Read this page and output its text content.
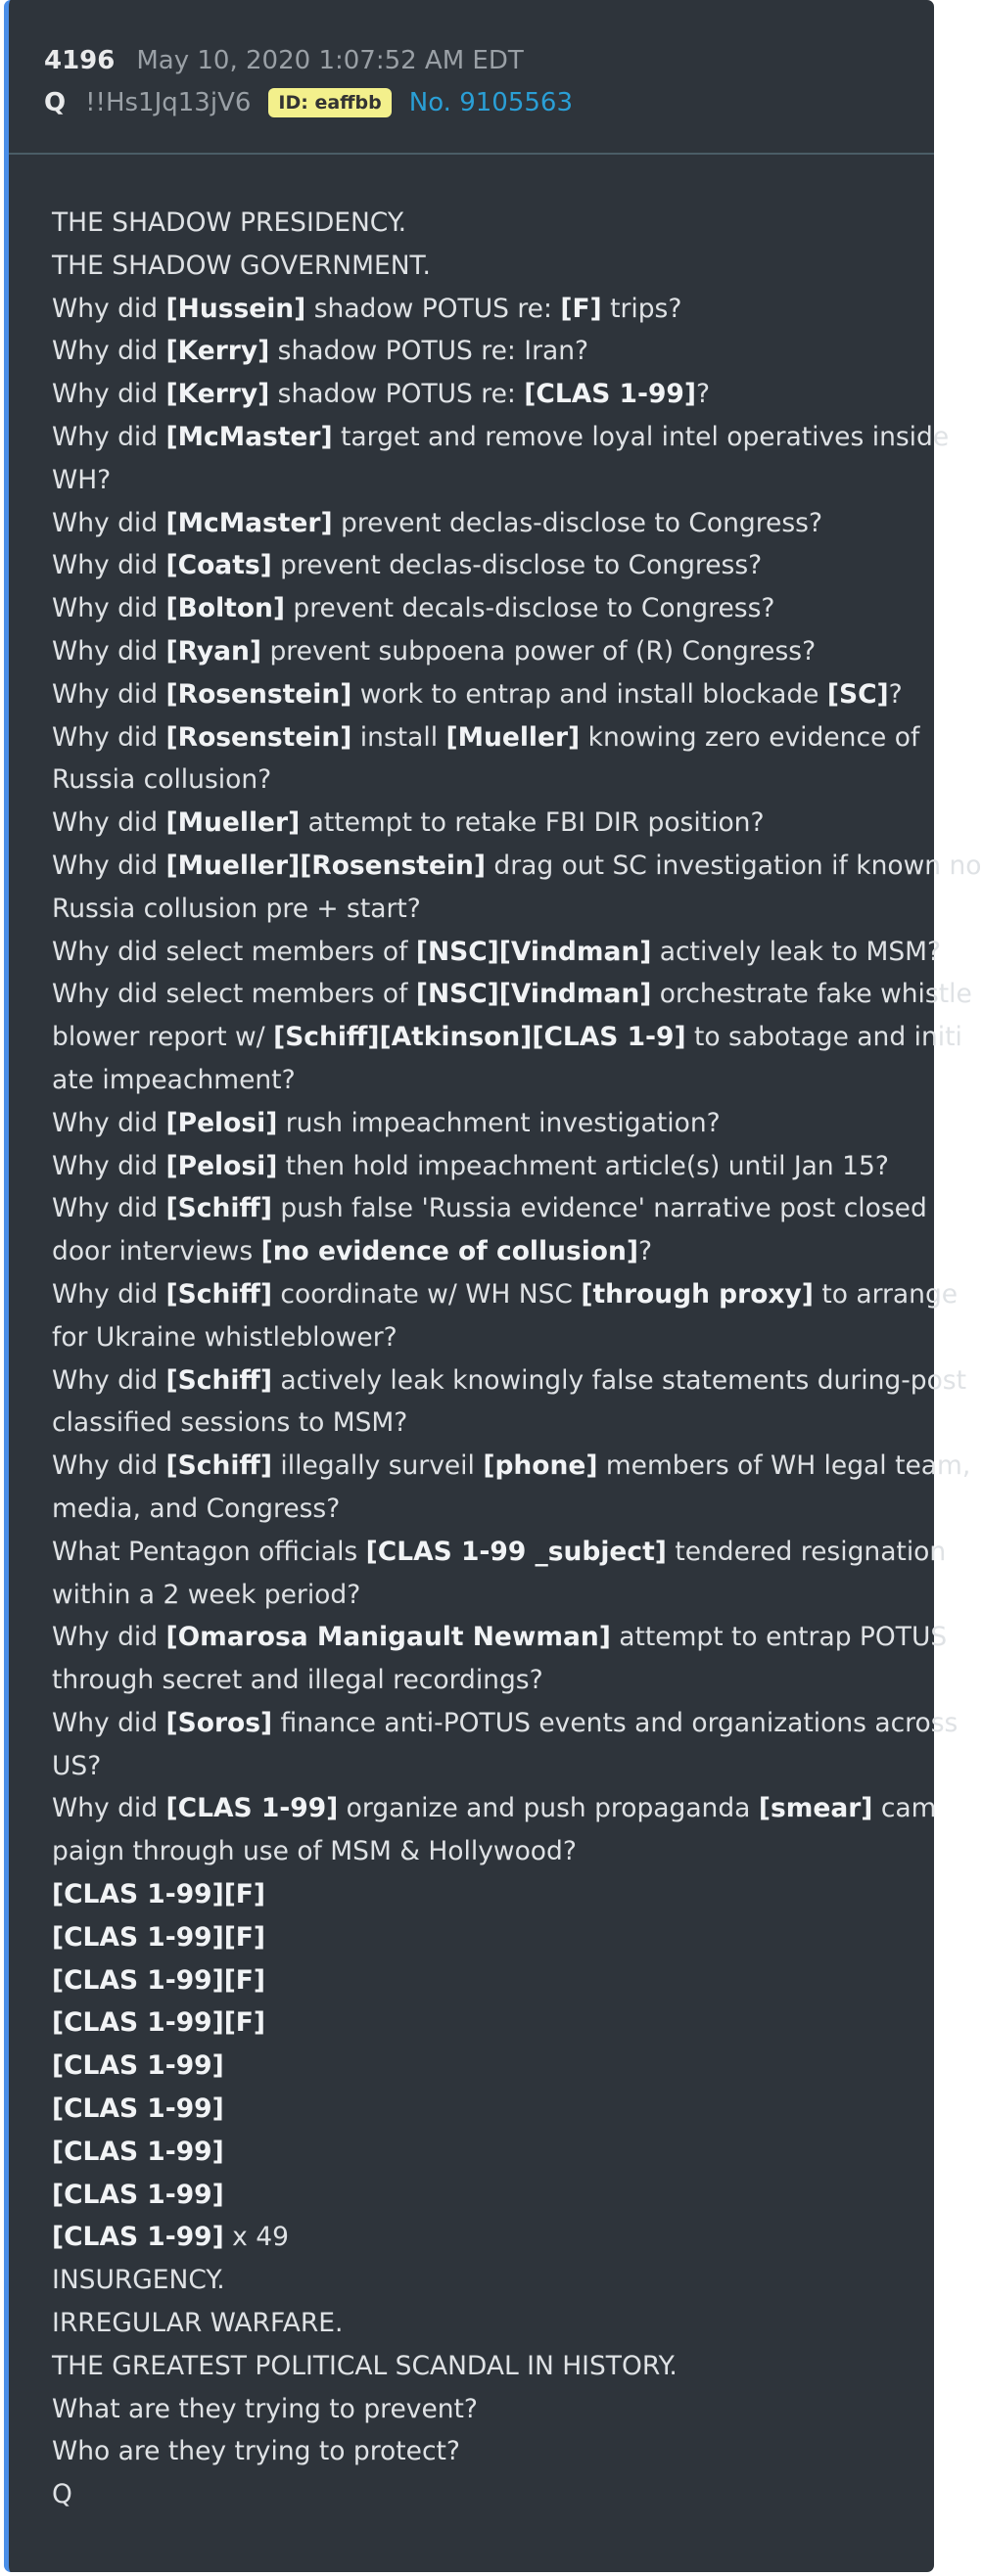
4196 May 10, 2020 1:07:52 AM EDT
Q !!Hs1Jq13jV6	ID: eaffbb	No. 9105563
THE SHADOW PRESIDENCY.
THE SHADOW GOVERNMENT.
Why did [Hussein] shadow POTUS re: [F] trips?
Why did [Kerry] shadow POTUS re: Iran?
Why did [Kerry] shadow POTUS re: [CLAS 1-99]?
Why did [McMaster] target and remove loyal intel operatives inside
WH?
Why did [McMaster] prevent declas-disclose to Congress?
Why did [Coats] prevent declas-disclose to Congress?
Why did [Bolton] prevent decals-disclose to Congress?
Why did [Ryan] prevent subpoena power of (R) Congress?
Why did [Rosenstein] work to entrap and install blockade [SC]?
Why did [Rosenstein] install [Mueller] knowing zero evidence of
Russia collusion?
Why did [Mueller] attempt to retake FBI DIR position?
Why did [Mueller][Rosenstein] drag out SC investigation if known no
Russia collusion pre + start?
Why did select members of [NSC][Vindman] actively leak to MSM?
Why did select members of [NSC][Vindman] orchestrate fake whistle
blower report w/ [Schiff][Atkinson][CLAS 1-9] to sabotage and initi
ate impeachment?
Why did [Pelosi] rush impeachment investigation?
Why did [Pelosi] then hold impeachment article(s) until Jan 15?
Why did [Schiff] push false 'Russia evidence' narrative post closed
door interviews [no evidence of collusion]?
Why did [Schiff] coordinate w/ WH NSC [through proxy] to arrange
for Ukraine whistleblower?
Why did [Schiff] actively leak knowingly false statements during-post
classified sessions to MSM?
Why did [Schiff] illegally surveil [phone] members of WH legal team,
media, and Congress?
What Pentagon officials [CLAS 1-99 _subject] tendered resignation
within a 2 week period?
Why did [Omarosa Manigault Newman] attempt to entrap POTUS
through secret and illegal recordings?
Why did [Soros] finance anti-POTUS events and organizations across
US?
Why did [CLAS 1-99] organize and push propaganda [smear] cam
paign through use of MSM & Hollywood?
[CLAS 1-99][F]
[CLAS 1-99][F]
[CLAS 1-99][F]
[CLAS 1-99][F]
[CLAS 1-99]
[CLAS 1-99]
[CLAS 1-99]
[CLAS 1-99]
[CLAS 1-99] x 49
INSURGENCY.
IRREGULAR WARFARE.
THE GREATEST POLITICAL SCANDAL IN HISTORY.
What are they trying to prevent?
Who are they trying to protect?
Q
